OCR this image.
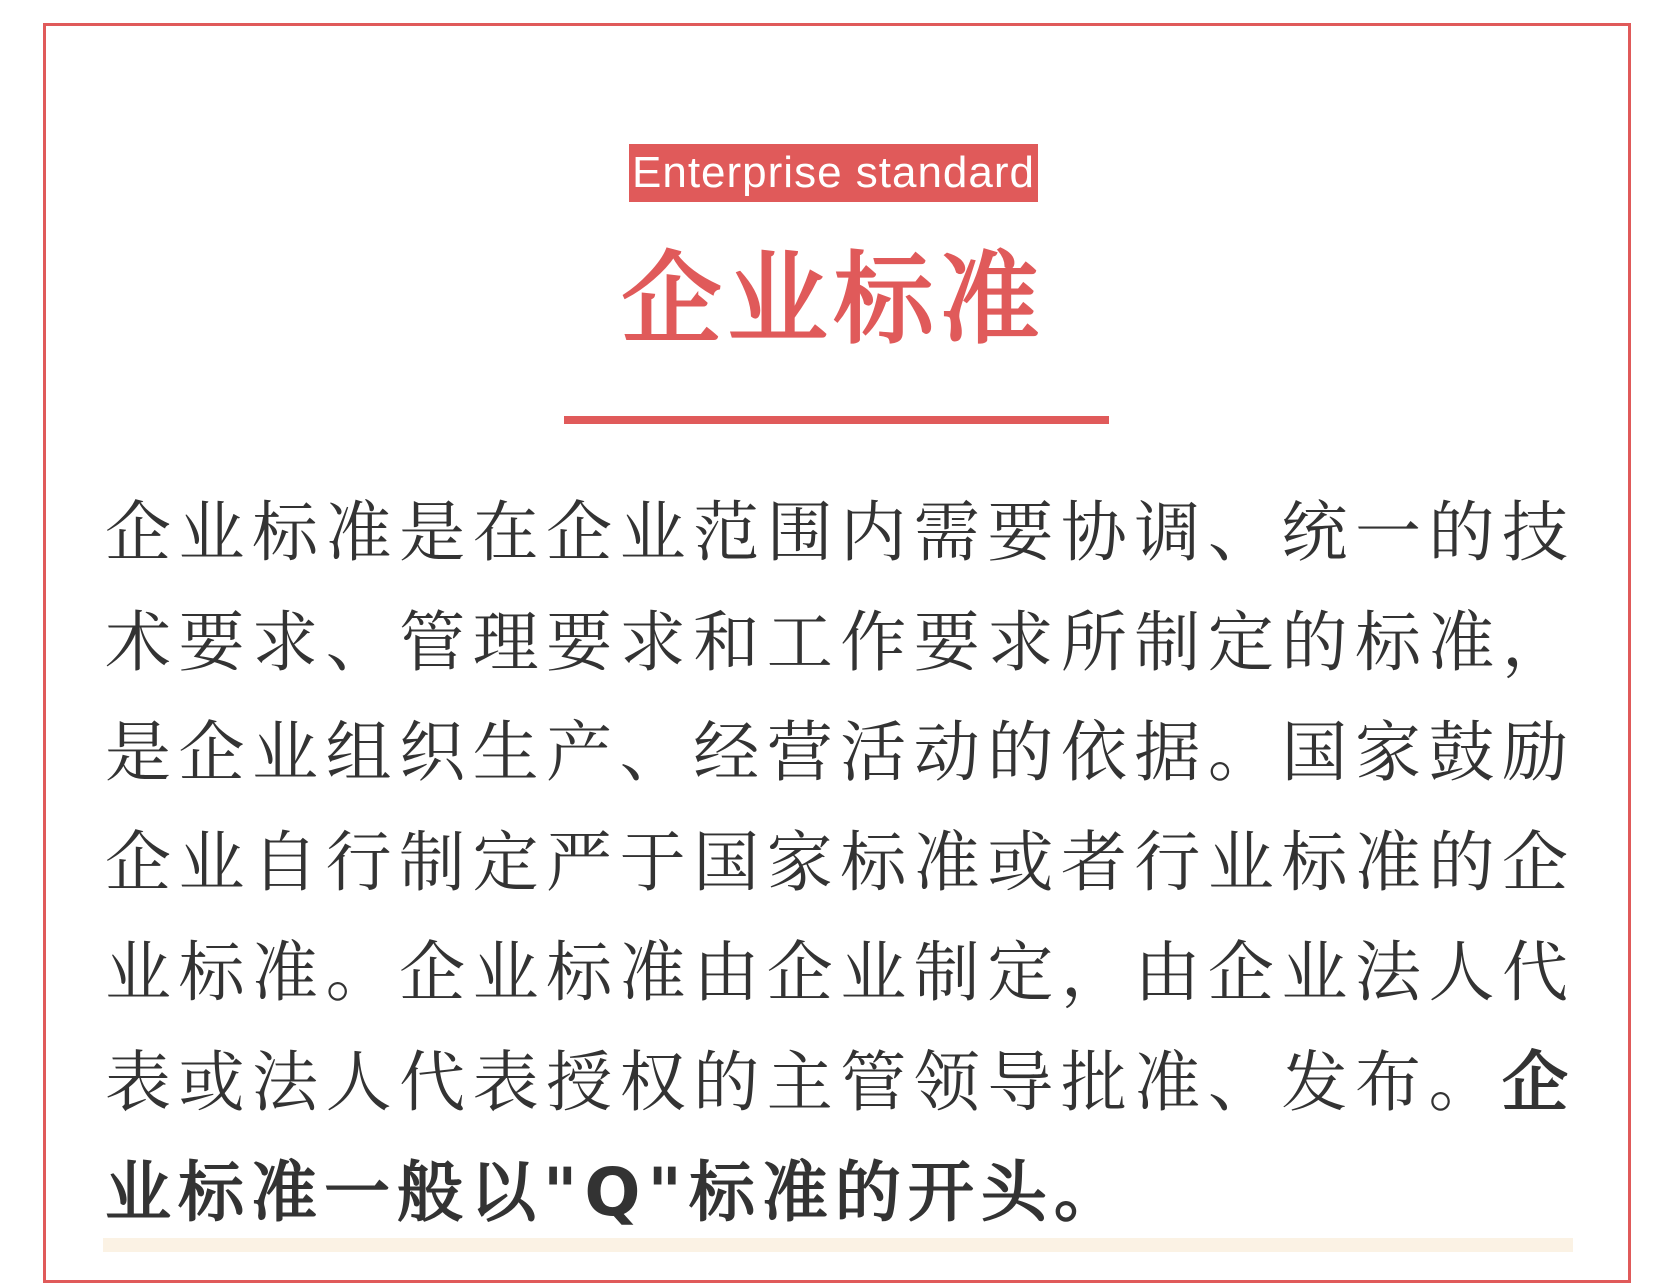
Enterprise standard
企业标准

企业标准是在企业范围内需要协调、统一的技术要求、管理要求和工作要求所制定的标准，是企业组织生产、经营活动的依据。国家鼓励企业自行制定严于国家标准或者行业标准的企业标准。企业标准由企业制定，由企业法人代表或法人代表授权的主管领导批准、发布。企业标准一般以"Q"标准的开头。
